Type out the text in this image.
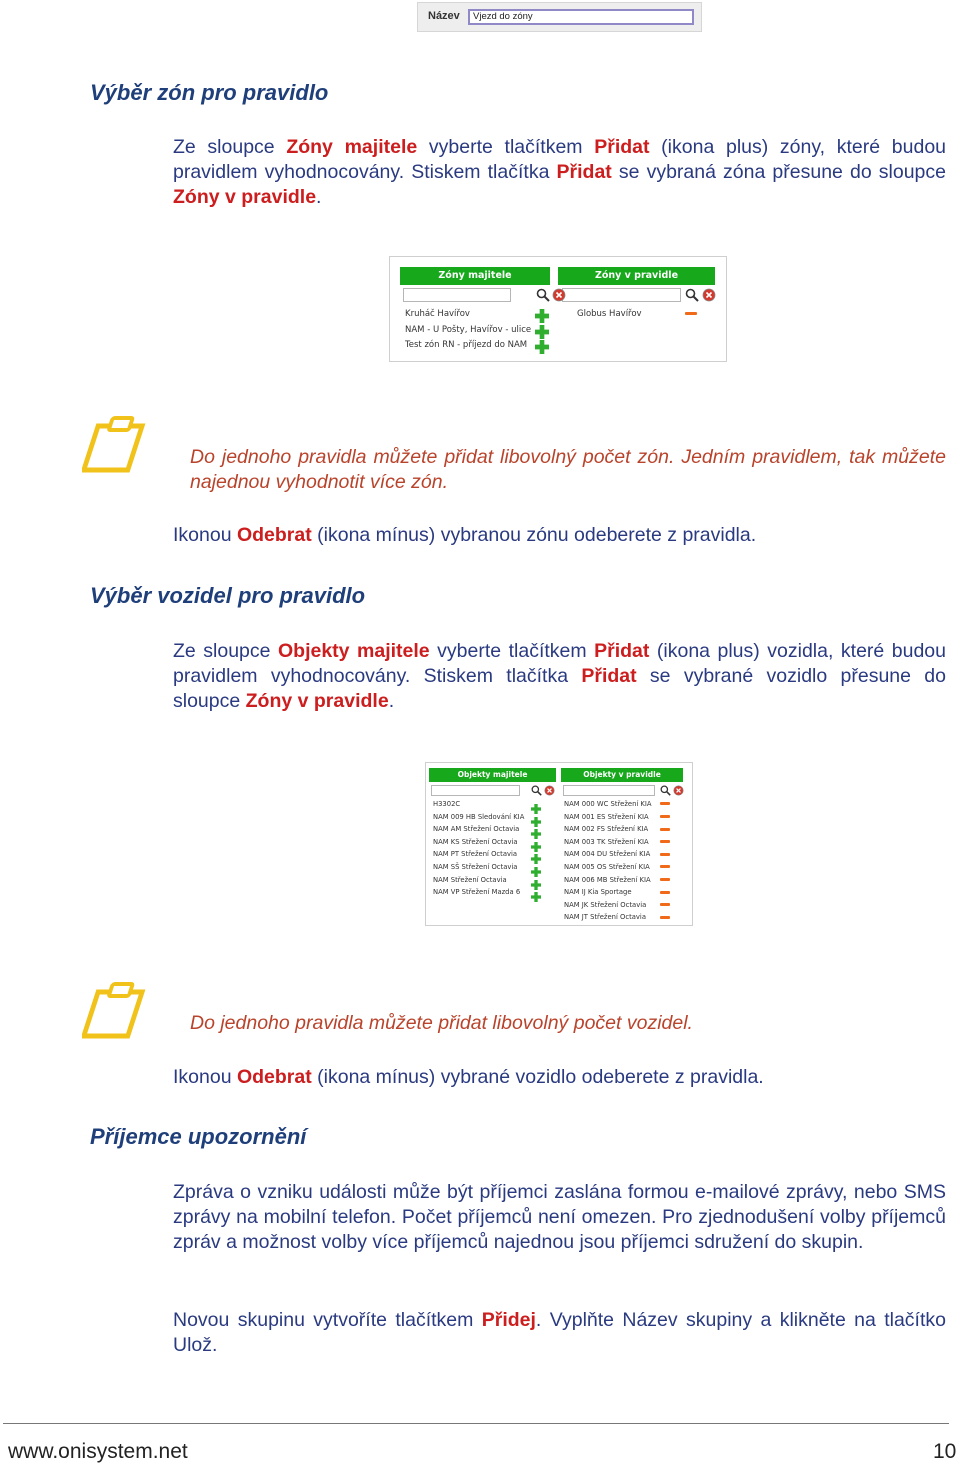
Název	Vjezd do zóny
Výběr zón pro pravidlo

Ze sloupce Zóny majitele vyberte tlačítkem Přidat (ikona plus) zóny, které budou pravidlem vyhodnocovány. Stiskem tlačítka Přidat se vybraná zóna přesune do sloupce Zóny v pravidle.

Zóny majitele	Zóny v pravidle
Kruháč Havířov
NAM - U Pošty, Havířov - ulice
Test zón RN - příjezd do NAM
Globus Havířov

Do jednoho pravidla můžete přidat libovolný počet zón. Jedním pravidlem, tak můžete najednou vyhodnotit více zón.

Ikonou Odebrat (ikona mínus) vybranou zónu odeberete z pravidla.

Výběr vozidel pro pravidlo

Ze sloupce Objekty majitele vyberte tlačítkem Přidat (ikona plus) vozidla, které budou pravidlem vyhodnocovány. Stiskem tlačítka Přidat se vybrané vozidlo přesune do sloupce Zóny v pravidle.

Objekty majitele	Objekty v pravidle
H3302C
NAM 009 HB Sledování KIA
NAM AM Střežení Octavia
NAM KS Střežení Octavia
NAM PT Střežení Octavia
NAM SŠ Střežení Octavia
NAM Střežení Octavia
NAM VP Střežení Mazda 6
NAM 000 WC Střežení KIA
NAM 001 ES Střežení KIA
NAM 002 FS Střežení KIA
NAM 003 TK Střežení KIA
NAM 004 DU Střežení KIA
NAM 005 OS Střežení KIA
NAM 006 MB Střežení KIA
NAM IJ Kia Sportage
NAM JK Střežení Octavia
NAM JT Střežení Octavia

Do jednoho pravidla můžete přidat libovolný počet vozidel.

Ikonou Odebrat (ikona mínus) vybrané vozidlo odeberete z pravidla.

Příjemce upozornění

Zpráva o vzniku události může být příjemci zaslána formou e-mailové zprávy, nebo SMS zprávy na mobilní telefon. Počet příjemců není omezen. Pro zjednodušení volby příjemců zpráv a možnost volby více příjemců najednou jsou příjemci sdružení do skupin.

Novou skupinu vytvoříte tlačítkem Přidej. Vyplňte Název skupiny a klikněte na tlačítko Ulož.

www.onisystem.net	10
